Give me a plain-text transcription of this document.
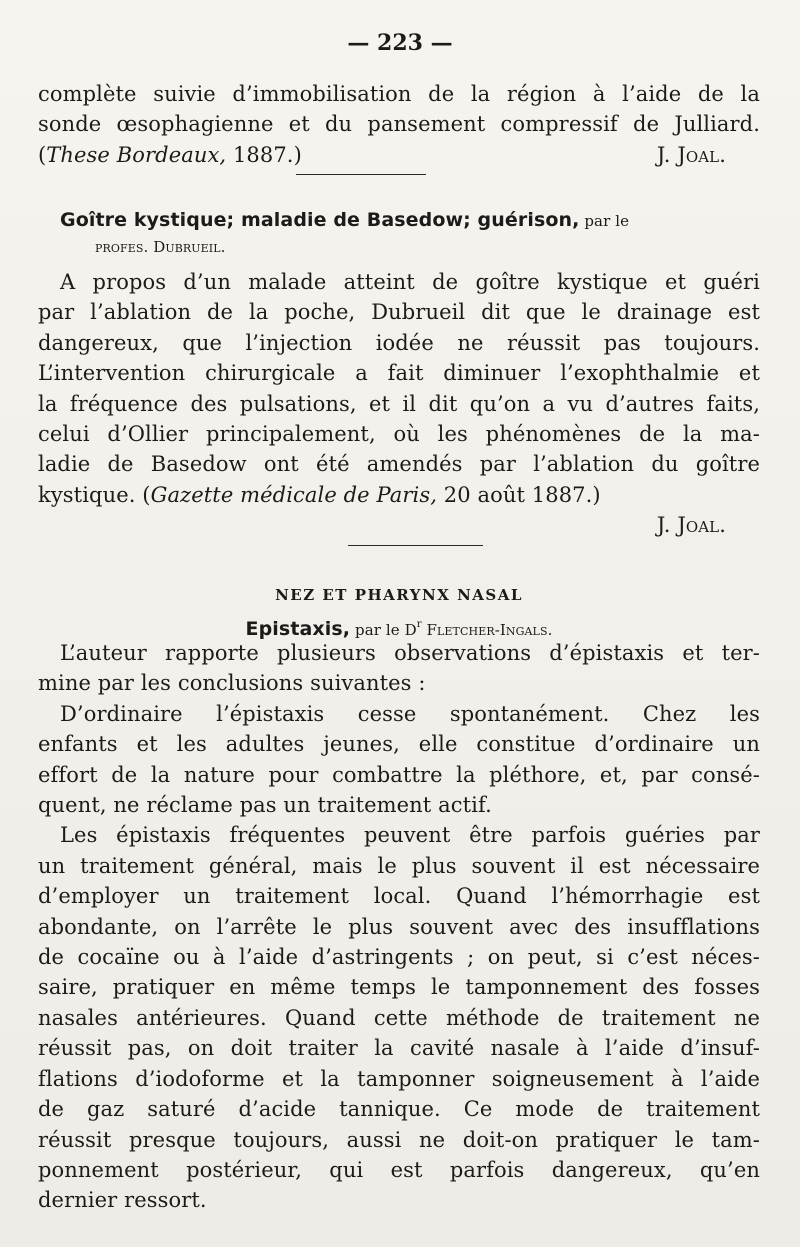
— 223 —

complète suivie d’immobilisation de la région à l’aide de la
sonde œsophagienne et du pansement compressif de Julliard.

(These Bordeaux, 1887.)	J. Joal.
Goître kystique; maladie de Basedow; guérison, par le
profes. Dubrueil.

A propos d’un malade atteint de goître kystique et guéri
par l’ablation de la poche, Dubrueil dit que le drainage est
dangereux, que l’injection iodée ne réussit pas toujours.
L’intervention chirurgicale a fait diminuer l’exophthalmie et
la fréquence des pulsations, et il dit qu’on a vu d’autres faits,
celui d’Ollier principalement, où les phénomènes de la ma-
ladie de Basedow ont été amendés par l’ablation du goître
kystique. (Gazette médicale de Paris, 20 août 1887.)

J. Joal.

NEZ ET PHARYNX NASAL
Epistaxis, par le $D^r$ Fletcher-Ingals.

L’auteur rapporte plusieurs observations d’épistaxis et ter-
mine par les conclusions suivantes :

D’ordinaire l’épistaxis cesse spontanément. Chez les
enfants et les adultes jeunes, elle constitue d’ordinaire un
effort de la nature pour combattre la pléthore, et, par consé-
quent, ne réclame pas un traitement actif.

Les épistaxis fréquentes peuvent être parfois guéries par
un traitement général, mais le plus souvent il est nécessaire
d’employer un traitement local. Quand l’hémorrhagie est
abondante, on l’arrête le plus souvent avec des insufflations
de cocaïne ou à l’aide d’astringents ; on peut, si c’est néces-
saire, pratiquer en même temps le tamponnement des fosses
nasales antérieures. Quand cette méthode de traitement ne
réussit pas, on doit traiter la cavité nasale à l’aide d’insuf-
flations d’iodoforme et la tamponner soigneusement à l’aide
de gaz saturé d’acide tannique. Ce mode de traitement
réussit presque toujours, aussi ne doit-on pratiquer le tam-
ponnement postérieur, qui est parfois dangereux, qu’en
dernier ressort.
